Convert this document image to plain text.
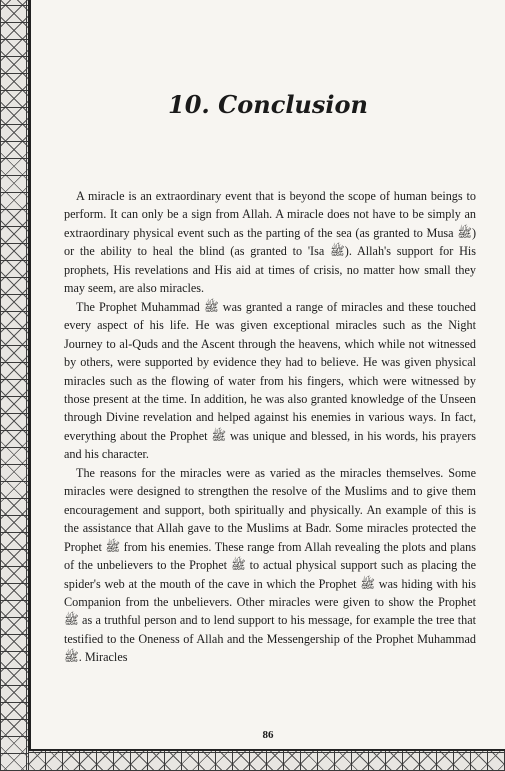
10. Conclusion

A miracle is an extraordinary event that is beyond the scope of human beings to perform. It can only be a sign from Allah. A miracle does not have to be simply an extraordinary physical event such as the parting of the sea (as granted to Musa ﷺ) or the ability to heal the blind (as granted to 'Isa ﷺ). Allah's support for His prophets, His revelations and His aid at times of crisis, no matter how small they may seem, are also miracles.

The Prophet Muhammad ﷺ was granted a range of miracles and these touched every aspect of his life. He was given exceptional miracles such as the Night Journey to al-Quds and the Ascent through the heavens, which while not witnessed by others, were supported by evidence they had to believe. He was given physical miracles such as the flowing of water from his fingers, which were witnessed by those present at the time. In addition, he was also granted knowledge of the Unseen through Divine revelation and helped against his enemies in various ways. In fact, everything about the Prophet ﷺ was unique and blessed, in his words, his prayers and his character.

The reasons for the miracles were as varied as the miracles themselves. Some miracles were designed to strengthen the resolve of the Muslims and to give them encouragement and support, both spiritually and physically. An example of this is the assistance that Allah gave to the Muslims at Badr. Some miracles protected the Prophet ﷺ from his enemies. These range from Allah revealing the plots and plans of the unbelievers to the Prophet ﷺ to actual physical support such as placing the spider's web at the mouth of the cave in which the Prophet ﷺ was hiding with his Companion from the unbelievers. Other miracles were given to show the Prophet ﷺ as a truthful person and to lend support to his message, for example the tree that testified to the Oneness of Allah and the Messengership of the Prophet Muhammad ﷺ. Miracles

86
